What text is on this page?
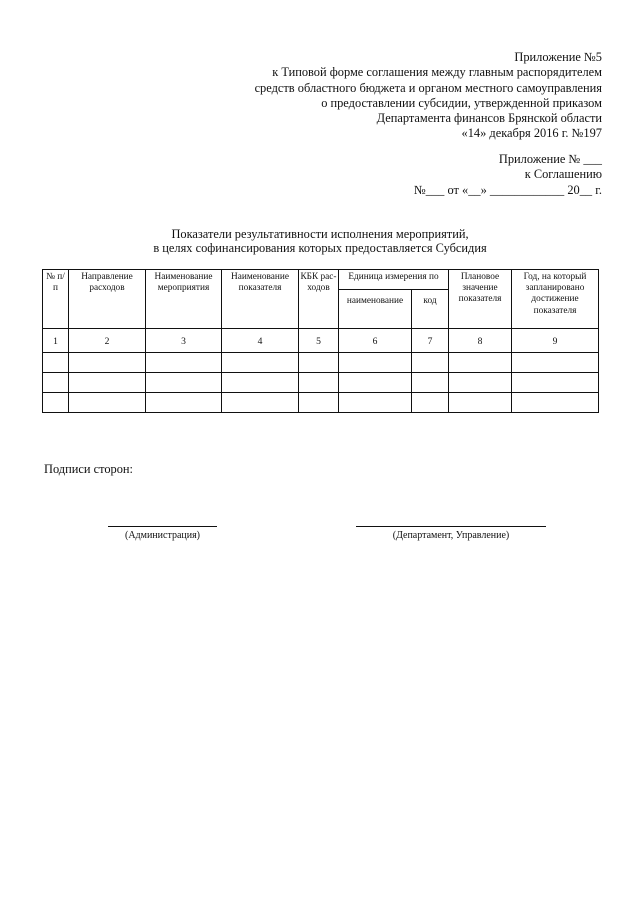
Приложение №5
к Типовой форме соглашения между главным распорядителем
средств областного бюджета и органом местного самоуправления
о предоставлении субсидии, утвержденной приказом
Департамента финансов Брянской области
«14» декабря 2016 г. №197
Приложение № ___
к Соглашению
№___ от «__» ____________ 20__ г.
Показатели результативности исполнения мероприятий,
в целях софинансирования которых предоставляется Субсидия
№ п/п	Направление расходов	Наименование мероприятия	Наименование показателя	КБК рас- ходов	Единица измерения по		Плановое значение показателя	Год, на который запланировано достижение показателя
					наименование	код		
1	2	3	4	5	6	7	8	9

Подписи сторон:
(Администрация)	(Департамент, Управление)
